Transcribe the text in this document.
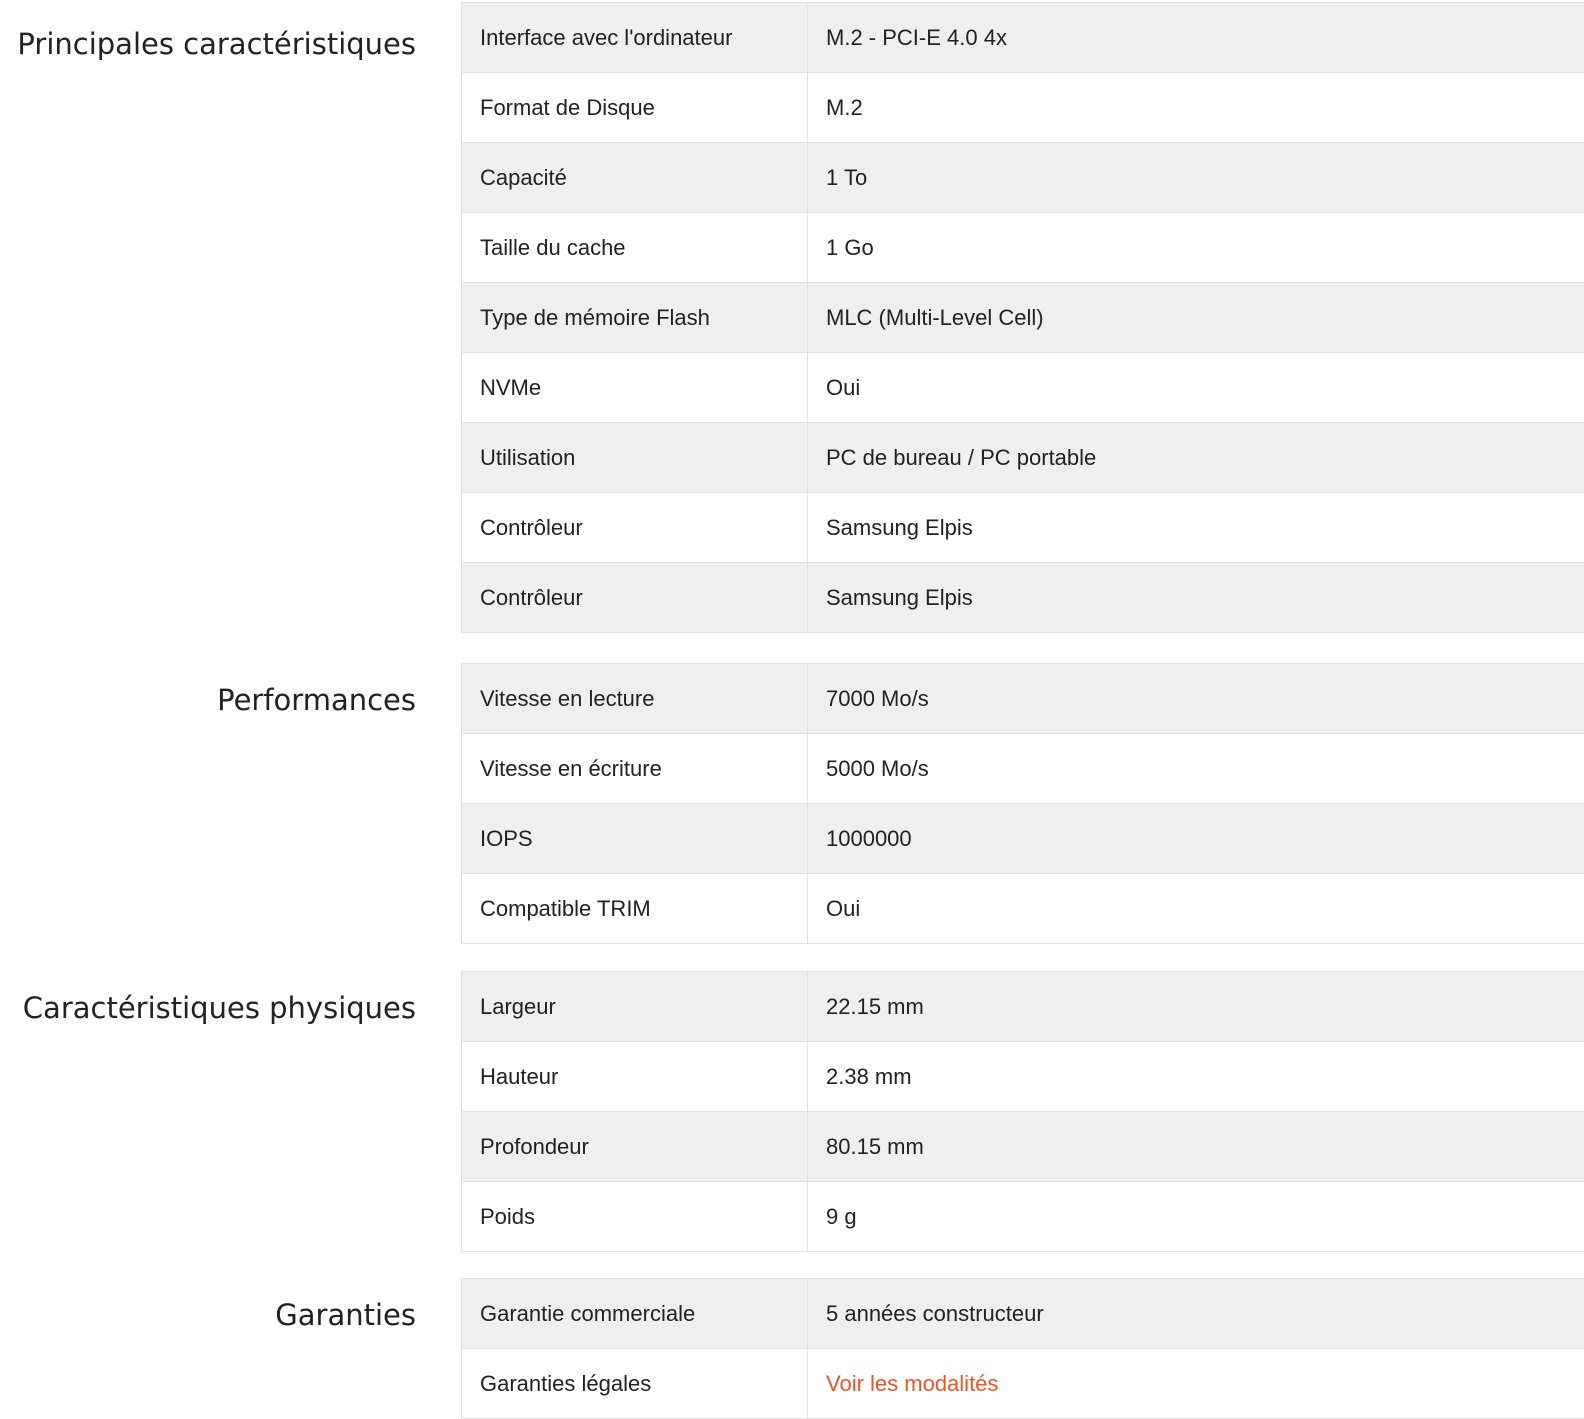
Principales caractéristiques	Interface avec l'ordinateur	M.2 - PCI-E 4.0 4x
Format de Disque	M.2
Capacité	1 To
Taille du cache	1 Go
Type de mémoire Flash	MLC (Multi-Level Cell)
NVMe	Oui
Utilisation	PC de bureau / PC portable
Contrôleur	Samsung Elpis
Contrôleur	Samsung Elpis
Performances	Vitesse en lecture	7000 Mo/s
Vitesse en écriture	5000 Mo/s
IOPS	1000000
Compatible TRIM	Oui
Caractéristiques physiques	Largeur	22.15 mm
Hauteur	2.38 mm
Profondeur	80.15 mm
Poids	9 g
Garanties	Garantie commerciale	5 années constructeur
Garanties légales	Voir les modalités
